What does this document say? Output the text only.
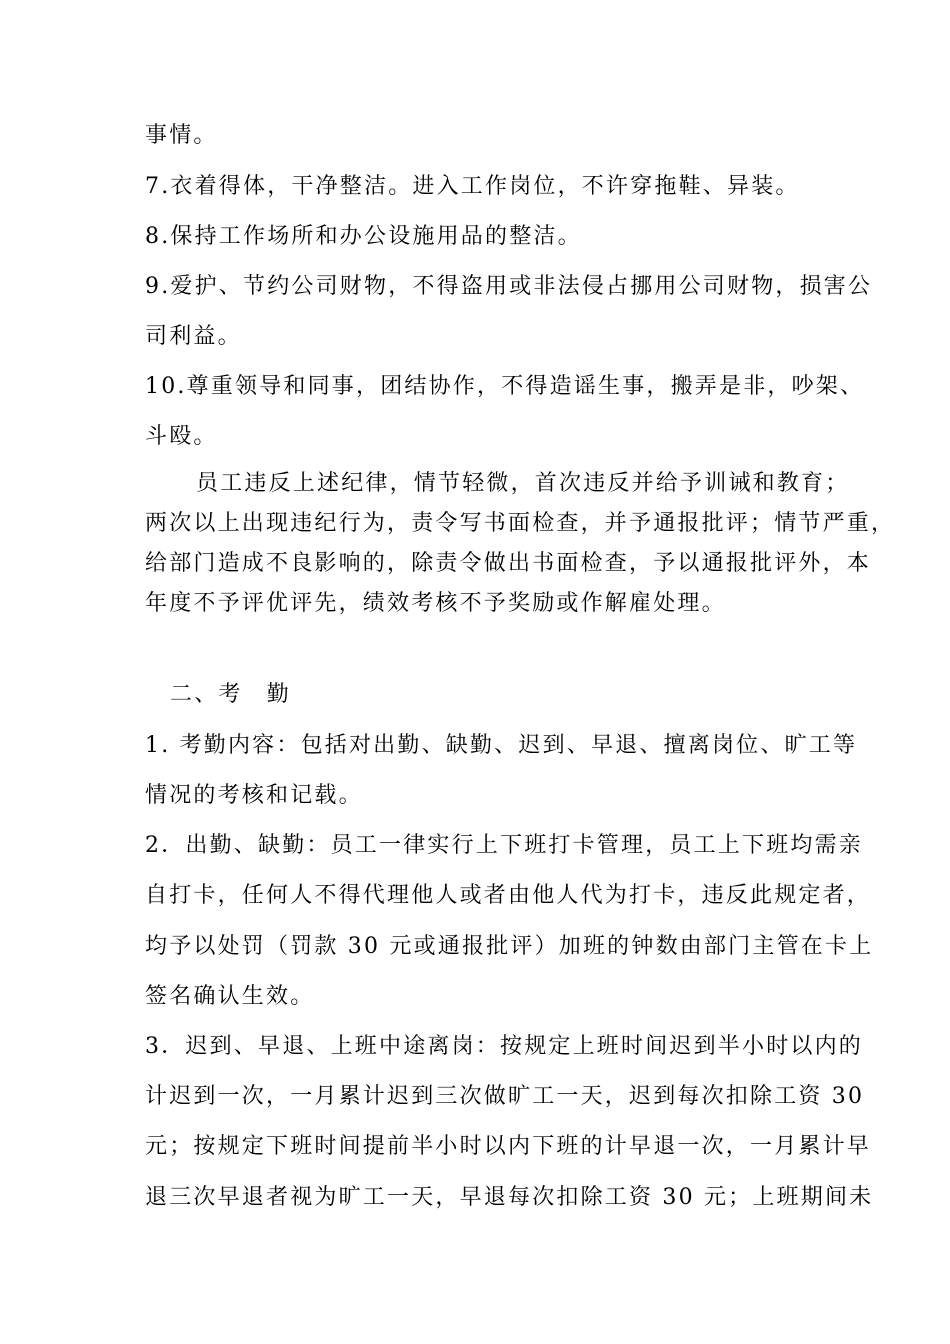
事情。
7.衣着得体，干净整洁。进入工作岗位，不许穿拖鞋、异装。
8.保持工作场所和办公设施用品的整洁。
9.爱护、节约公司财物，不得盗用或非法侵占挪用公司财物，损害公
司利益。
10.尊重领导和同事，团结协作，不得造谣生事，搬弄是非，吵架、
斗殴。
员工违反上述纪律，情节轻微，首次违反并给予训诫和教育；
两次以上出现违纪行为，责令写书面检查，并予通报批评；情节严重，
给部门造成不良影响的，除责令做出书面检查，予以通报批评外，本
年度不予评优评先，绩效考核不予奖励或作解雇处理。
二、考　勤
1. 考勤内容：包括对出勤、缺勤、迟到、早退、擅离岗位、旷工等
情况的考核和记载。
2．出勤、缺勤：员工一律实行上下班打卡管理，员工上下班均需亲
自打卡，任何人不得代理他人或者由他人代为打卡，违反此规定者，
均予以处罚（罚款 30 元或通报批评）加班的钟数由部门主管在卡上
签名确认生效。
3．迟到、早退、上班中途离岗：按规定上班时间迟到半小时以内的
计迟到一次，一月累计迟到三次做旷工一天，迟到每次扣除工资 30
元；按规定下班时间提前半小时以内下班的计早退一次，一月累计早
退三次早退者视为旷工一天，早退每次扣除工资 30 元；上班期间未
